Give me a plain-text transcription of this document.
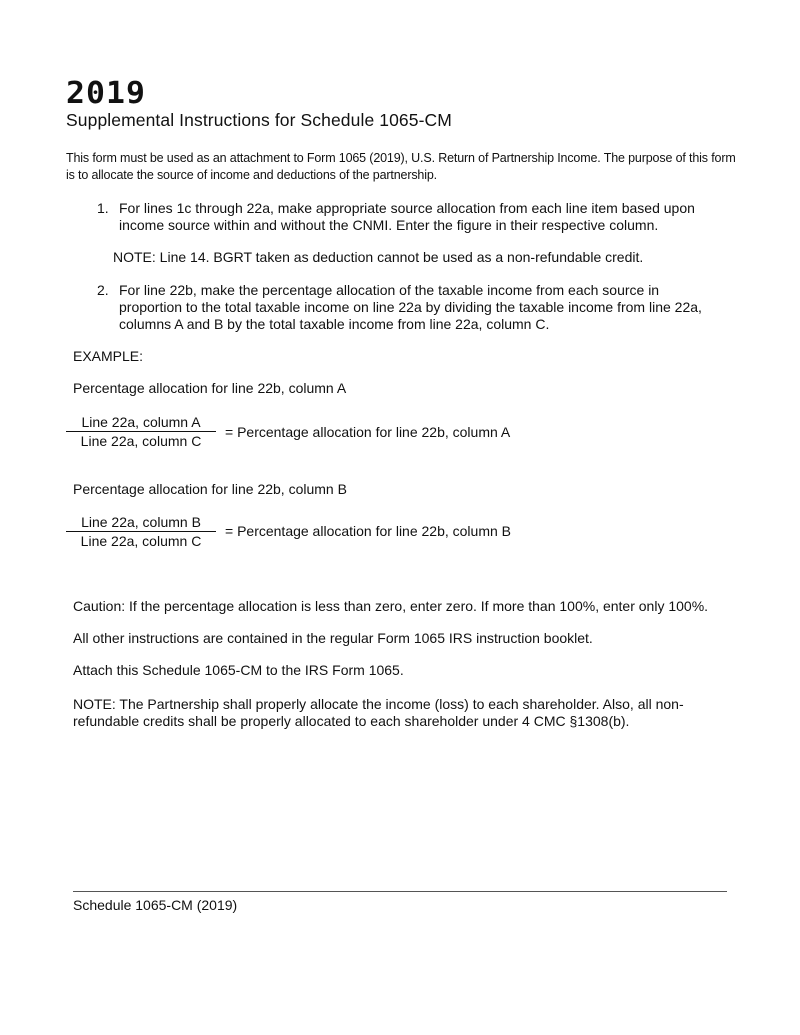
2019
Supplemental Instructions for Schedule 1065-CM
This form must be used as an attachment to Form 1065 (2019), U.S. Return of Partnership Income. The purpose of this form is to allocate the source of income and deductions of the partnership.
1. For lines 1c through 22a, make appropriate source allocation from each line item based upon income source within and without the CNMI. Enter the figure in their respective column.
NOTE: Line 14. BGRT taken as deduction cannot be used as a non-refundable credit.
2. For line 22b, make the percentage allocation of the taxable income from each source in proportion to the total taxable income on line 22a by dividing the taxable income from line 22a, columns A and B by the total taxable income from line 22a, column C.
EXAMPLE:
Percentage allocation for line 22b, column A
Line 22a, column A
Line 22a, column C
= Percentage allocation for line 22b, column A
Percentage allocation for line 22b, column B
Line 22a, column B
Line 22a, column C
= Percentage allocation for line 22b, column B
Caution: If the percentage allocation is less than zero, enter zero. If more than 100%, enter only 100%.
All other instructions are contained in the regular Form 1065 IRS instruction booklet.
Attach this Schedule 1065-CM to the IRS Form 1065.
NOTE: The Partnership shall properly allocate the income (loss) to each shareholder. Also, all non-refundable credits shall be properly allocated to each shareholder under 4 CMC §1308(b).
Schedule 1065-CM (2019)
